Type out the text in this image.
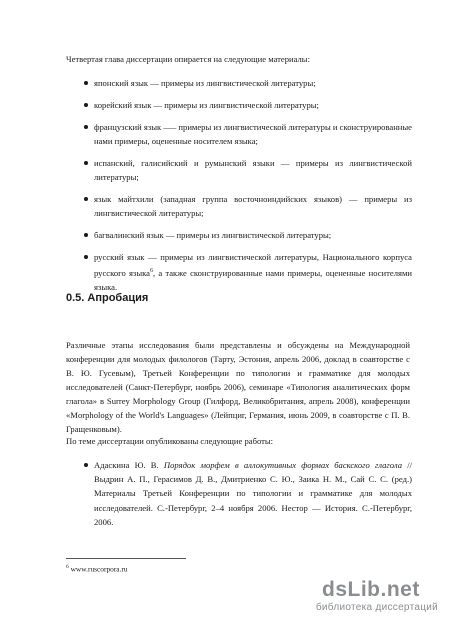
Четвертая глава диссертации опирается на следующие материалы:
японский язык — примеры из лингвистической литературы;
корейский язык — примеры из лингвистической литературы;
французский язык —– примеры из лингвистической литературы и сконструированные нами примеры, оцененные носителем языка;
испанский, галисийский и румынский языки — примеры из лингвистической литературы;
язык майтхили (западная группа восточноиндийских языков) — примеры из лингвистической литературы;
багвалинский язык — примеры из лингвистической литературы;
русский язык — примеры из лингвистической литературы, Национального корпуса русского языка$^6$, а также сконструированные нами примеры, оцененные носителями языка.
0.5. Апробация
Различные этапы исследования были представлены и обсуждены на Международной конференции для молодых филологов (Тарту, Эстония, апрель 2006, доклад в соавторстве с В. Ю. Гусевым), Третьей Конференции по типологии и грамматике для молодых исследователей (Санкт-Петербург, ноябрь 2006), семинаре «Типология аналитических форм глагола» в Surrey Morphology Group (Гилфорд, Великобритания, апрель 2008), конференции «Morphology of the World's Languages» (Лейпциг, Германия, июнь 2009, в соавторстве с П. В. Гращенковым).
По теме диссертации опубликованы следующие работы:
Адаскина Ю. В. Порядок морфем в аллокутивных формах баскского глагола // Выдрин А. П., Герасимов Д. В., Дмитриенко С. Ю., Заика Н. М., Сай С. С. (ред.) Материалы Третьей Конференции по типологии и грамматике для молодых исследователей. С.-Петербург, 2–4 ноября 2006. Нестор — История. С.-Петербург, 2006.
$^6$ www.ruscorpora.ru
dsLib.net
библиотека диссертаций
